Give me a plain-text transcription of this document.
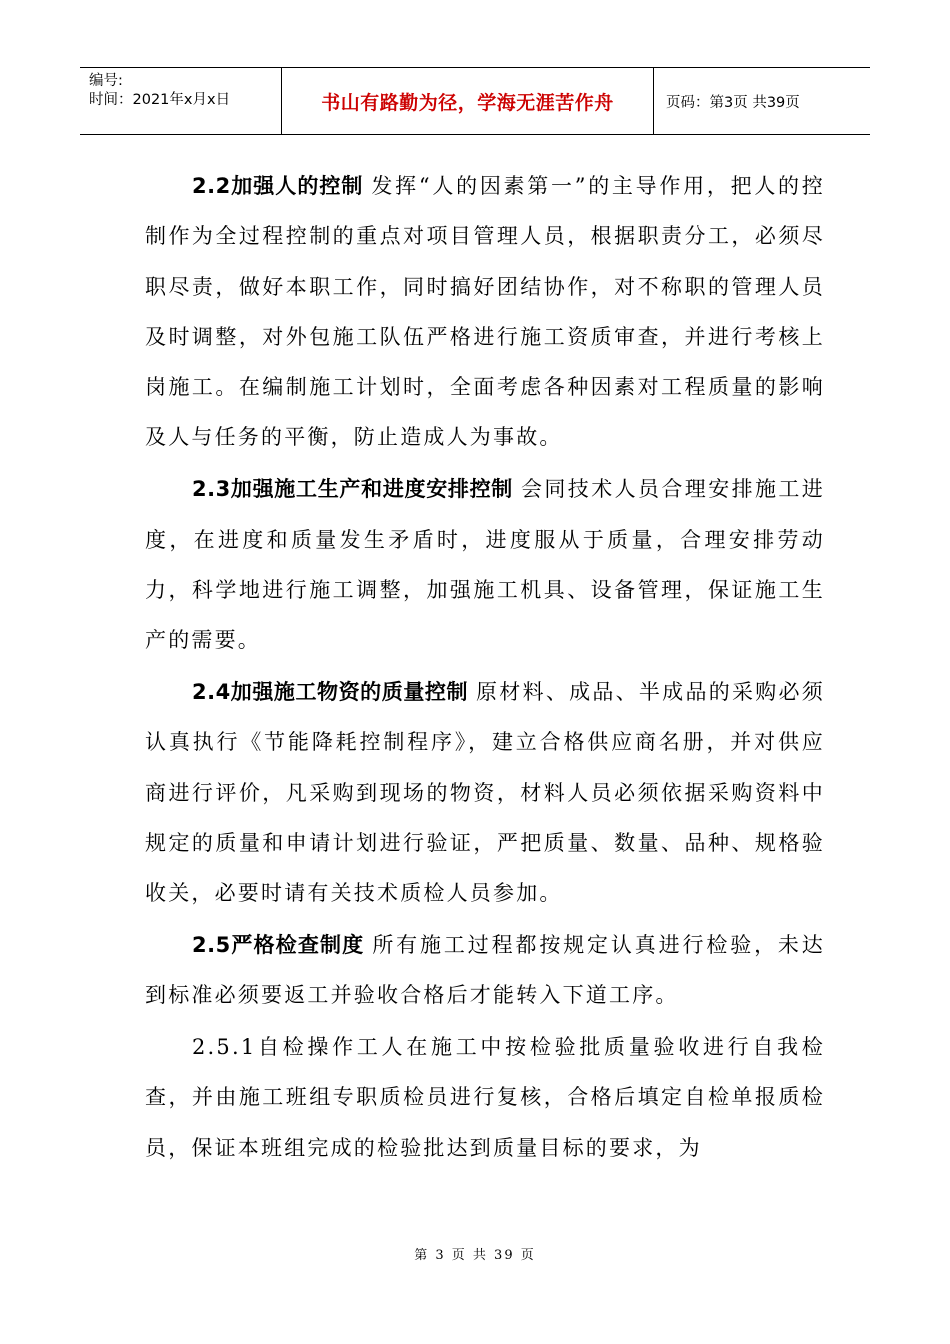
编号:
时间：2021年x月x日	书山有路勤为径，学海无涯苦作舟	页码：第3页 共39页

2.2加强人的控制 发挥“人的因素第一”的主导作用，把人的控制作为全过程控制的重点对项目管理人员，根据职责分工，必须尽职尽责，做好本职工作，同时搞好团结协作，对不称职的管理人员及时调整，对外包施工队伍严格进行施工资质审查，并进行考核上岗施工。在编制施工计划时，全面考虑各种因素对工程质量的影响及人与任务的平衡，防止造成人为事故。

2.3加强施工生产和进度安排控制 会同技术人员合理安排施工进度，在进度和质量发生矛盾时，进度服从于质量，合理安排劳动力，科学地进行施工调整，加强施工机具、设备管理，保证施工生产的需要。

2.4加强施工物资的质量控制 原材料、成品、半成品的采购必须认真执行《节能降耗控制程序》，建立合格供应商名册，并对供应商进行评价，凡采购到现场的物资，材料人员必须依据采购资料中规定的质量和申请计划进行验证，严把质量、数量、品种、规格验收关，必要时请有关技术质检人员参加。

2.5严格检查制度 所有施工过程都按规定认真进行检验，未达到标准必须要返工并验收合格后才能转入下道工序。

2.5.1自检操作工人在施工中按检验批质量验收进行自我检查，并由施工班组专职质检员进行复核，合格后填定自检单报质检员，保证本班组完成的检验批达到质量目标的要求，为

第 3 页 共 39 页
